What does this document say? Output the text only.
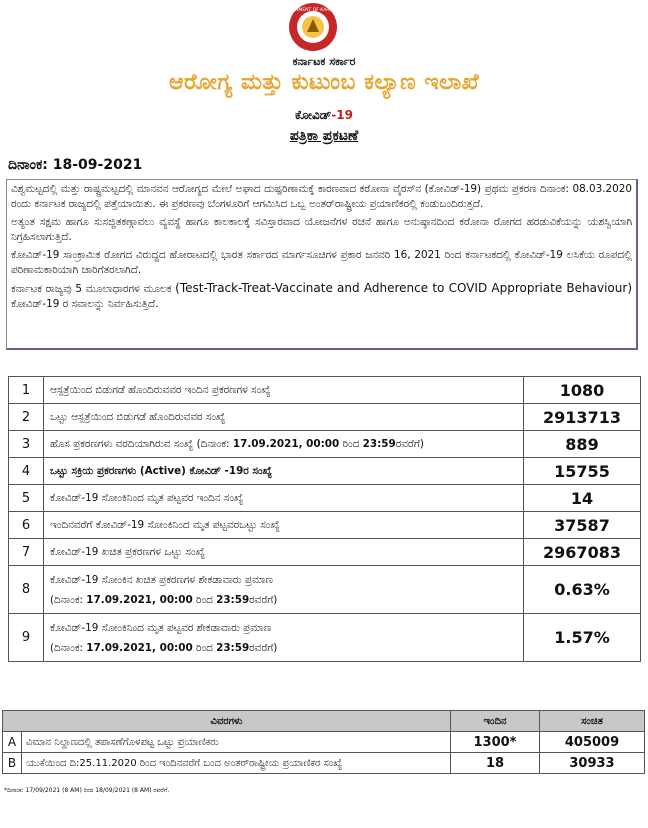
GOVERNMENT OF KARNATAKA
ಕರ್ನಾಟಕ ಸರ್ಕಾರ
ಆರೋಗ್ಯ ಮತ್ತು ಕುಟುಂಬ ಕಲ್ಯಾಣ ಇಲಾಖೆ
ಕೋವಿಡ್-19
ಪತ್ರಿಕಾ ಪ್ರಕಟಣೆ
ದಿನಾಂಕ: 18-09-2021

ವಿಶ್ವಮಟ್ಟದಲ್ಲಿ ಮತ್ತು ರಾಷ್ಟ್ರಮಟ್ಟದಲ್ಲಿ ಮಾನವನ ಆರೋಗ್ಯದ ಮೇಲೆ ಅಘಾದ ದುಷ್ಪರಿಣಾಮಕ್ಕೆ ಕಾರಣವಾದ ಕರೋನಾ ವೈರಸ್‌ನ (ಕೋವಿಡ್-19) ಪ್ರಥಮ ಪ್ರಕರಣ ದಿನಾಂಕ: 08.03.2020 ರಂದು ಕರ್ನಾಟಕ ರಾಜ್ಯದಲ್ಲಿ ಪತ್ತೆಯಾಯಿತು. ಈ ಪ್ರಕರಣವು ಬೆಂಗಳೂರಿಗೆ ಆಗಮಿಸಿದ ಒಬ್ಬ ಅಂತರ್‌ರಾಷ್ಟ್ರೀಯ ಪ್ರಯಾಣಿಕರಲ್ಲಿ ಕಂಡುಬಂದಿರುತ್ತದೆ.

ಅತ್ಯಂತ ಸಕ್ಷಮ ಹಾಗೂ ಸುಸಜ್ಜಿತಕಣ್ಗಾವಲು ವ್ಯವಸ್ಥೆ ಹಾಗೂ ಕಾಲಕಾಲಕ್ಕೆ ಸವಿಸ್ತಾರವಾದ ಯೋಜನೆಗಳ ರಚನೆ ಹಾಗೂ ಅನುಷ್ಠಾನದಿಂದ ಕರೋನಾ ರೋಗದ ಹರಡುವಿಕೆಯನ್ನು ಯಶಸ್ವಿಯಾಗಿ ನಿಗ್ರಹಿಸಲಾಗುತ್ತಿದೆ.

ಕೋವಿಡ್-19 ಸಾಂಕ್ರಾಮಿಕ ರೋಗದ ವಿರುದ್ಧದ ಹೋರಾಟದಲ್ಲಿ ಭಾರತ ಸರ್ಕಾರದ ಮಾರ್ಗಸೂಚಿಗಳ ಪ್ರಕಾರ ಜನವರಿ 16, 2021 ರಿಂದ ಕರ್ನಾಟಕದಲ್ಲಿ ಕೋವಿಡ್-19 ಲಸಿಕೆಯ ರೂಪದಲ್ಲಿ ಪರಿಣಾಮಕಾರಿಯಾಗಿ ಜಾರಿಗೆತರಲಾಗಿದೆ.

ಕರ್ನಾಟಕ ರಾಜ್ಯವು 5 ಮೂಲಾಧಾರಗಳ ಮೂಲಕ (Test-Track-Treat-Vaccinate and Adherence to COVID Appropriate Behaviour) ಕೋವಿಡ್-19 ರ ಸವಾಲನ್ನು ನಿರ್ವಹಿಸುತ್ತಿದೆ.

1	ಆಸ್ಪತ್ರೆಯಿಂದ ಬಿಡುಗಡೆ ಹೊಂದಿರುವವರ ಇಂದಿನ ಪ್ರಕರಣಗಳ ಸಂಖ್ಯೆ	1080
2	ಒಟ್ಟು ಆಸ್ಪತ್ರೆಯಿಂದ ಬಿಡುಗಡೆ ಹೊಂದಿರುವವರ ಸಂಖ್ಯೆ	2913713
3	ಹೊಸ ಪ್ರಕರಣಗಳು ವರದಿಯಾಗಿರುವ ಸಂಖ್ಯೆ (ದಿನಾಂಕ: 17.09.2021, 00:00 ರಿಂದ 23:59ರವರೆಗೆ)	889
4	ಒಟ್ಟು ಸಕ್ರಿಯ ಪ್ರಕರಣಗಳು (Active) ಕೋವಿಡ್ -19ರ ಸಂಖ್ಯೆ	15755
5	ಕೋವಿಡ್-19 ಸೋಂಕಿನಿಂದ ಮೃತ ಪಟ್ಟವರ ಇಂದಿನ ಸಂಖ್ಯೆ	14
6	ಇಂದಿನವರೆಗೆ ಕೋವಿಡ್-19 ಸೋಂಕಿನಿಂದ ಮೃತ ಪಟ್ಟವರಒಟ್ಟು ಸಂಖ್ಯೆ	37587
7	ಕೋವಿಡ್-19 ಖಚಿತ ಪ್ರಕರಣಗಳ ಒಟ್ಟು ಸಂಖ್ಯೆ	2967083
8	ಕೋವಿಡ್-19 ಸೋಂಕಿನ ಖಚಿತ ಪ್ರಕರಣಗಳ ಶೇಕಡಾವಾರು ಪ್ರಮಾಣ
(ದಿನಾಂಕ: 17.09.2021, 00:00 ರಿಂದ 23:59ರವರೆಗೆ)	0.63%
9	ಕೋವಿಡ್-19 ಸೋಂಕಿನಿಂದ ಮೃತ ಪಟ್ಟವರ ಶೇಕಡಾವಾರು ಪ್ರಮಾಣ
(ದಿನಾಂಕ: 17.09.2021, 00:00 ರಿಂದ 23:59ರವರೆಗೆ)	1.57%
ವಿವರಗಳು		ಇಂದಿನ	ಸಂಚಿತ
A	ವಿಮಾನ ನಿಲ್ದಾಣದಲ್ಲಿ ತಪಾಸಣೆಗೊಳಪಟ್ಟ ಒಟ್ಟು ಪ್ರಯಾಣಿಕರು	1300*	405009
B	ಯುಕೆಯಿಂದ ದಿ:25.11.2020 ರಿಂದ ಇಂದಿನವರೆಗೆ ಬಂದ ಅಂತರ್‌ರಾಷ್ಟ್ರೀಯ ಪ್ರಯಾಣಿಕರ ಸಂಖ್ಯೆ	18	30933
*ದಿನಾಂಕ: 17/09/2021 (8 AM) ರಿಂದ 18/09/2021 (8 AM) ರವರೆಗೆ.
